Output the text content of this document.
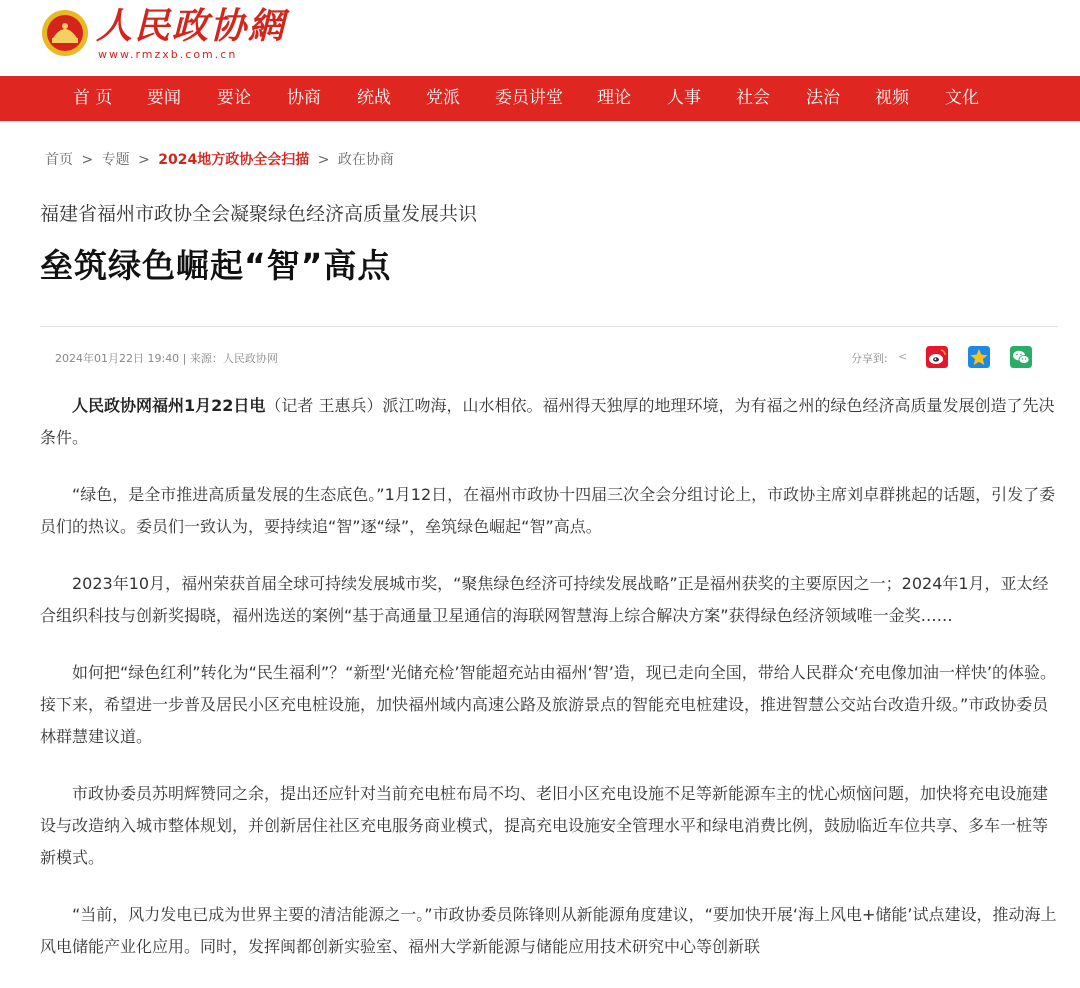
人民政协網
www.rmzxb.com.cn
首 页 要闻 要论 协商 统战 党派 委员讲堂 理论 人事 社会 法治 视频 文化
首页 > 专题 > 2024地方政协全会扫描 > 政在协商
福建省福州市政协全会凝聚绿色经济高质量发展共识
垒筑绿色崛起“智”高点
2024年01月22日 19:40 | 来源：人民政协网	分享到: <

人民政协网福州1月22日电（记者 王惠兵）派江吻海，山水相依。福州得天独厚的地理环境，为有福之州的绿色经济高质量发展创造了先决条件。

“绿色，是全市推进高质量发展的生态底色。”1月12日，在福州市政协十四届三次全会分组讨论上，市政协主席刘卓群挑起的话题，引发了委员们的热议。委员们一致认为，要持续追“智”逐“绿”，垒筑绿色崛起“智”高点。

2023年10月，福州荣获首届全球可持续发展城市奖，“聚焦绿色经济可持续发展战略”正是福州获奖的主要原因之一；2024年1月，亚太经合组织科技与创新奖揭晓，福州选送的案例“基于高通量卫星通信的海联网智慧海上综合解决方案”获得绿色经济领域唯一金奖……

如何把“绿色红利”转化为“民生福利”？“新型‘光储充检’智能超充站由福州‘智’造，现已走向全国，带给人民群众‘充电像加油一样快’的体验。接下来，希望进一步普及居民小区充电桩设施，加快福州域内高速公路及旅游景点的智能充电桩建设，推进智慧公交站台改造升级。”市政协委员林群慧建议道。

市政协委员苏明辉赞同之余，提出还应针对当前充电桩布局不均、老旧小区充电设施不足等新能源车主的忧心烦恼问题，加快将充电设施建设与改造纳入城市整体规划，并创新居住社区充电服务商业模式，提高充电设施安全管理水平和绿电消费比例，鼓励临近车位共享、多车一桩等新模式。

“当前，风力发电已成为世界主要的清洁能源之一。”市政协委员陈锋则从新能源角度建议，“要加快开展‘海上风电+储能’试点建设，推动海上风电储能产业化应用。同时，发挥闽都创新实验室、福州大学新能源与储能应用技术研究中心等创新联
